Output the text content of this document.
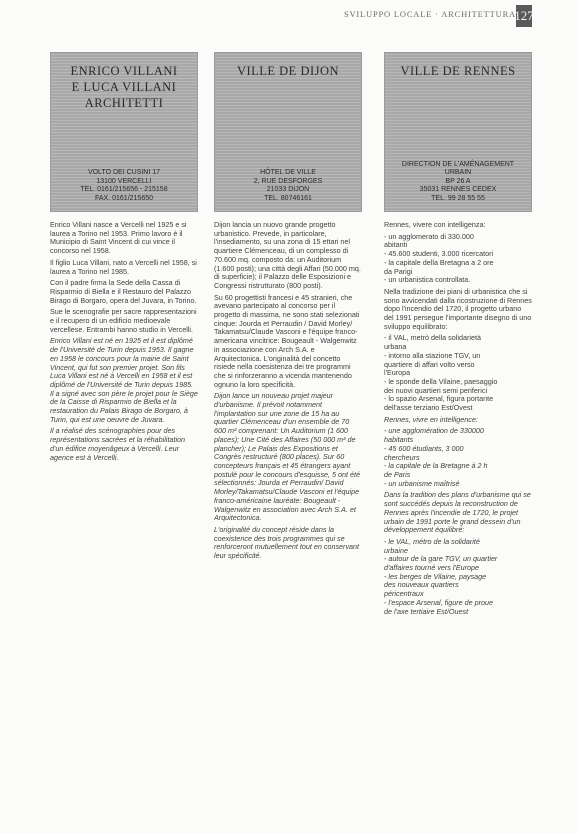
SVILUPPO LOCALE · ARCHITETTURA
127
ENRICO VILLANI
E LUCA VILLANI
ARCHITETTI
VOLTO DEI CUSINI 17
13100 VERCELLI
TEL. 0161/215656 - 215158
FAX. 0161/215650

Enrico Villani nasce a Vercelli nel 1925 e si laurea a Torino nel 1953. Primo lavoro è il Municipio di Saint Vincent di cui vince il concorso nel 1958.

Il figlio Luca Villani, nato a Vercelli nel 1958, si laurea a Torino nel 1985.

Con il padre firma la Sede della Cassa di Risparmio di Biella e il Restauro del Palazzo Birago di Borgaro, opera del Juvara, in Torino.

Sue le scenografie per sacre rappresentazioni e il recupero di un edificio medioevale vercellese. Entrambi hanno studio in Vercelli.

Enrico Villani est né en 1925 et il est diplômé de l'Université de Turin depuis 1953. Il gagne en 1958 le concours pour la mairie de Saint Vincent, qui fut son premier projet. Son fils Luca Villani est né à Vercelli en 1958 et il est diplômé de l'Université de Turin depuis 1985. Il a signé avec son père le projet pour le Siège de la Caisse di Risparmio de Biella et la restauration du Palais Birago de Borgaro, à Turin, qui est une oeuvre de Juvara.

Il a réalisé des scénographies pour des représentations sacrées et la réhabilitation d'un édifice moyenâgeux à Vercelli. Leur agence est à Vercelli.

VILLE DE DIJON
HÔTEL DE VILLE
2, RUE DESFORGES
21033 DIJON
TEL. 80746161

Dijon lancia un nuovo grande progetto urbanistico. Prevede, in particolare, l'insediamento, su una zona di 15 ettari nel quartiere Clémenceau, di un complesso di 70.600 mq. composto da: un Auditorium (1.600 posti); una città degli Affari (50.000 mq. di superficie); il Palazzo delle Esposizioni e Congressi ristrutturato (800 posti).

Su 60 progettisti francesi e 45 stranieri, che avevano partecipato al concorso per il progetto di massima, ne sono stati selezionati cinque: Jourda et Perraudin / David Morley/ Takamatsu/Claude Vasconi e l'équipe franco-americana vincitrice: Bougeault - Walgenwitz in associazione con Arch S.A. e Arquitectonica. L'originalità del concetto risiede nella coesistenza dei tre programmi che si rinforzeranno a vicenda mantenendo ognuno la loro specificità.

Dijon lance un nouveau projet majeur d'urbanisme. Il prévoit notamment l'implantation sur une zone de 15 ha au quartier Clémenceau d'un ensemble de 70 600 m² comprenant: Un Auditorium (1 600 places); Une Cité des Affaires (50 000 m² de plancher); Le Palais des Expositions et Congrès restructuré (800 places). Sur 60 concepteurs français et 45 étrangers ayant postulé pour le concours d'esquisse, 5 ont été sélectionnés: Jourda et Perraudin/ David Morley/Takamatsu/Claude Vasconi et l'équipe franco-américaine lauréate: Bougeault - Walgenwitz en association avec Arch S.A. et Arquitectonica.

L'originalité du concept réside dans la coexistence des trois programmes qui se renforceront mutuellement tout en conservant leur spécificité.

VILLE DE RENNES
DIRECTION DE L'AMÉNAGEMENT
URBAIN
BP 26 A
35031 RENNES CEDEX
TEL. 99 28 55 55

Rennes, vivere con intelligenza:

- un agglomerato di 330.000
abitanti
- 45.600 studenti, 3.000 ricercatori
- la capitale della Bretagna a 2 ore
da Parigi
- un urbanistica controllata.

Nella tradizione dei piani di urbanistica che si sono avvicendati dalla ricostruzione di Rennes dopo l'incendio del 1720, il progetto urbano del 1991 persegue l'importante disegno di uno sviluppo equilibrato:

- il VAL, metrò della solidarietà
urbana
- intorno alla stazione TGV, un
quartiere di affari volto verso
l'Europa
- le sponde della Vilaine, paesaggio
dei nuovi quartieri semi periferici
- lo spazio Arsenal, figura portante
dell'asse terziario Est/Ovest

Rennes, vivre en intelligence:

- une agglomération de 330000
habitants
- 45 600 étudiants, 3 000
chercheurs
- la capitale de la Bretagne à 2 h
de Paris
- un urbanisme maîtrisé

Dans la tradition des plans d'urbanisme qui se sont succédés depuis la reconstruction de Rennes après l'incendie de 1720, le projet urbain de 1991 porte le grand dessein d'un développement équilibré:

- le VAL, métro de la solidarité
urbaine
- autour de la gare TGV, un quartier
d'affaires tourné vers l'Europe
- les berges de Vilaine, paysage
des nouveaux quartiers
péricentraux
- l'espace Arsenal, figure de proue
de l'axe tertiaire Est/Ouest
